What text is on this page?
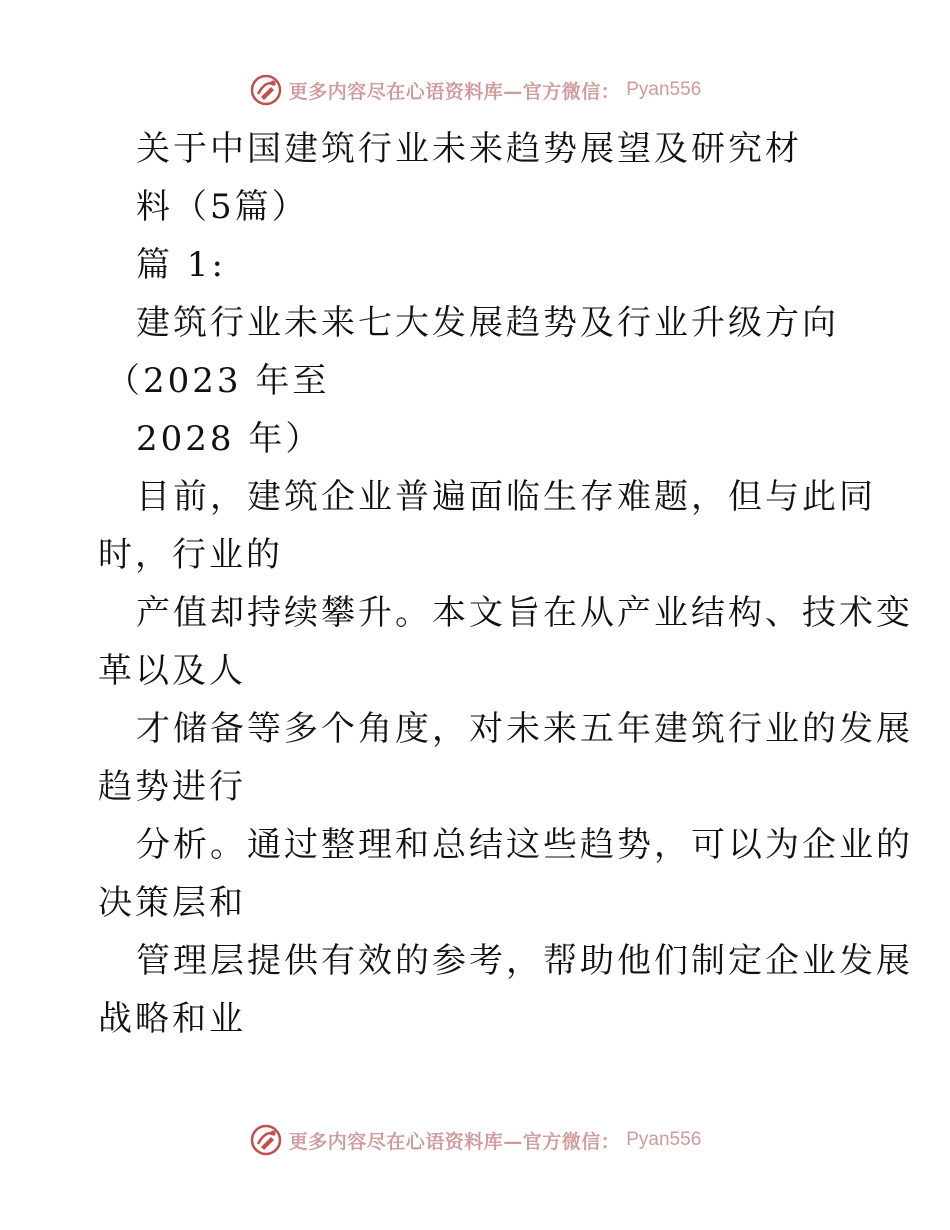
更多内容尽在心语资料库—官方微信： Pyan556
关于中国建筑行业未来趋势展望及研究材
料（5篇）
篇 1:
建筑行业未来七大发展趋势及行业升级方向
（2023 年至
2028 年）
目前，建筑企业普遍面临生存难题，但与此同
时，行业的
产值却持续攀升。本文旨在从产业结构、技术变
革以及人
才储备等多个角度，对未来五年建筑行业的发展
趋势进行
分析。通过整理和总结这些趋势，可以为企业的
决策层和
管理层提供有效的参考，帮助他们制定企业发展
战略和业
更多内容尽在心语资料库—官方微信： Pyan556
